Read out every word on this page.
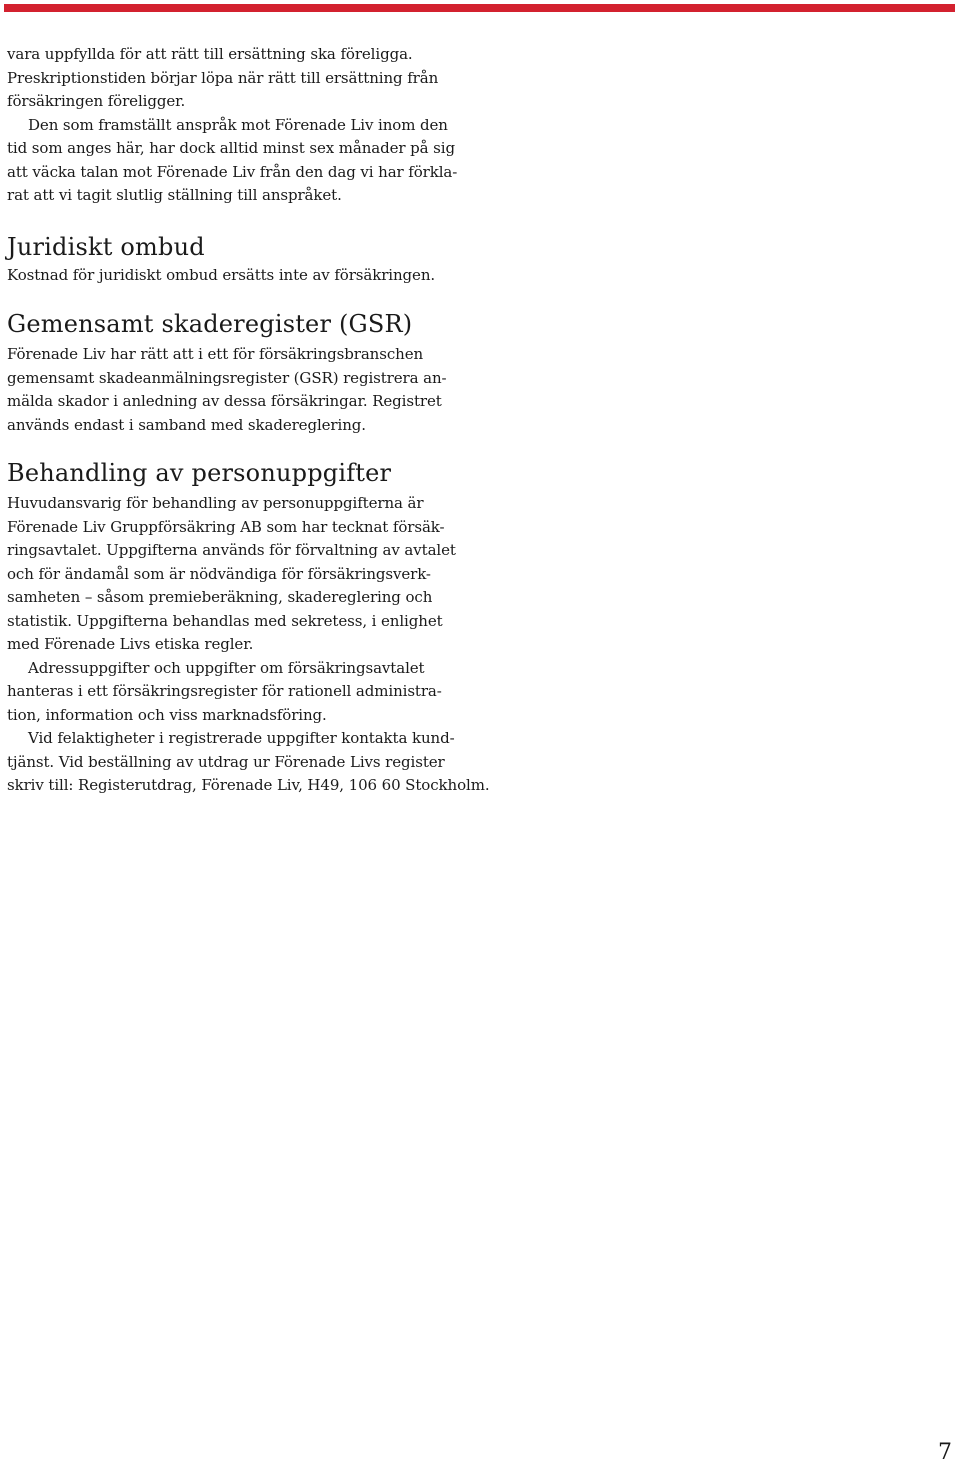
vara uppfyllda för att rätt till ersättning ska föreligga.
Preskriptionstiden börjar löpa när rätt till ersättning från
försäkringen föreligger.
Den som framställt anspråk mot Förenade Liv inom den
tid som anges här, har dock alltid minst sex månader på sig
att väcka talan mot Förenade Liv från den dag vi har förkla-
rat att vi tagit slutlig ställning till anspråket.
Juridiskt ombud
Kostnad för juridiskt ombud ersätts inte av försäkringen.
Gemensamt skaderegister (GSR)
Förenade Liv har rätt att i ett för försäkringsbranschen
gemensamt skadeanmälningsregister (GSR) registrera an-
mälda skador i anledning av dessa försäkringar. Registret
används endast i samband med skadereglering.
Behandling av personuppgifter
Huvudansvarig för behandling av personuppgifterna är
Förenade Liv Gruppförsäkring AB som har tecknat försäk-
ringsavtalet. Uppgifterna används för förvaltning av avtalet
och för ändamål som är nödvändiga för försäkringsverk-
samheten – såsom premieberäkning, skadereglering och
statistik. Uppgifterna behandlas med sekretess, i enlighet
med Förenade Livs etiska regler.
Adressuppgifter och uppgifter om försäkringsavtalet
hanteras i ett försäkringsregister för rationell administra-
tion, information och viss marknadsföring.
Vid felaktigheter i registrerade uppgifter kontakta kund-
tjänst. Vid beställning av utdrag ur Förenade Livs register
skriv till: Registerutdrag, Förenade Liv, H49, 106 60 Stockholm.
7
